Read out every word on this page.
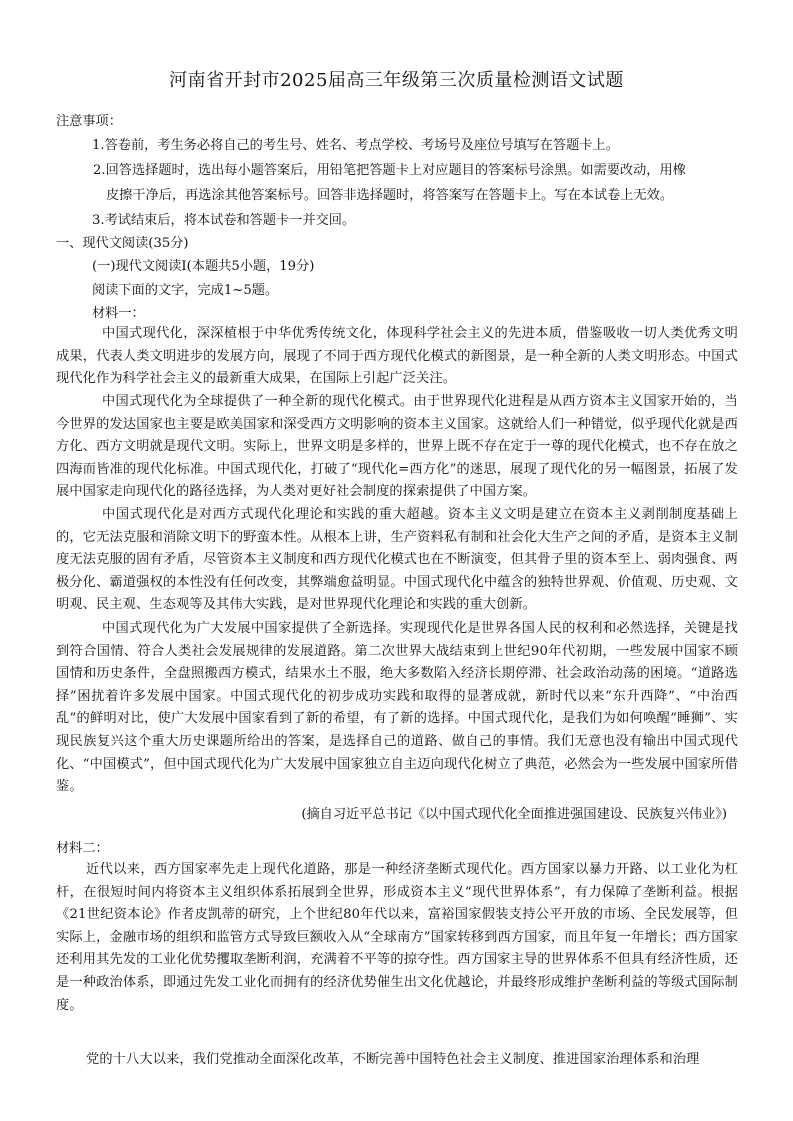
河南省开封市2025届高三年级第三次质量检测语文试题
注意事项：
1.答卷前，考生务必将自己的考生号、姓名、考点学校、考场号及座位号填写在答题卡上。
2.回答选择题时，选出每小题答案后，用铅笔把答题卡上对应题目的答案标号涂黑。如需要改动，用橡
皮擦干净后，再选涂其他答案标号。回答非选择题时，将答案写在答题卡上。写在本试卷上无效。
3.考试结束后，将本试卷和答题卡一并交回。
一、现代文阅读(35分)
(一)现代文阅读Ⅰ(本题共5小题，19分)
阅读下面的文字，完成1~5题。
材料一：
中国式现代化，深深植根于中华优秀传统文化，体现科学社会主义的先进本质，借鉴吸收一切人类优秀文明成果，代表人类文明进步的发展方向，展现了不同于西方现代化模式的新图景，是一种全新的人类文明形态。中国式现代化作为科学社会主义的最新重大成果，在国际上引起广泛关注。
中国式现代化为全球提供了一种全新的现代化模式。由于世界现代化进程是从西方资本主义国家开始的，当今世界的发达国家也主要是欧美国家和深受西方文明影响的资本主义国家。这就给人们一种错觉，似乎现代化就是西方化、西方文明就是现代文明。实际上，世界文明是多样的，世界上既不存在定于一尊的现代化模式，也不存在放之四海而皆准的现代化标准。中国式现代化，打破了“现代化=西方化”的迷思，展现了现代化的另一幅图景，拓展了发展中国家走向现代化的路径选择，为人类对更好社会制度的探索提供了中国方案。
中国式现代化是对西方式现代化理论和实践的重大超越。资本主义文明是建立在资本主义剥削制度基础上的，它无法克服和消除文明下的野蛮本性。从根本上讲，生产资料私有制和社会化大生产之间的矛盾，是资本主义制度无法克服的固有矛盾，尽管资本主义制度和西方现代化模式也在不断演变，但其骨子里的资本至上、弱肉强食、两极分化、霸道强权的本性没有任何改变，其弊端愈益明显。中国式现代化中蕴含的独特世界观、价值观、历史观、文明观、民主观、生态观等及其伟大实践，是对世界现代化理论和实践的重大创新。
中国式现代化为广大发展中国家提供了全新选择。实现现代化是世界各国人民的权利和必然选择，关键是找到符合国情、符合人类社会发展规律的发展道路。第二次世界大战结束到上世纪90年代初期，一些发展中国家不顾国情和历史条件，全盘照搬西方模式，结果水土不服，绝大多数陷入经济长期停滞、社会政治动荡的困境。“道路选择”困扰着许多发展中国家。中国式现代化的初步成功实践和取得的显著成就，新时代以来“东升西降”、“中治西乱”的鲜明对比，使广大发展中国家看到了新的希望，有了新的选择。中国式现代化，是我们为如何唤醒“睡狮”、实现民族复兴这个重大历史课题所给出的答案，是选择自己的道路、做自己的事情。我们无意也没有输出中国式现代化、“中国模式”，但中国式现代化为广大发展中国家独立自主迈向现代化树立了典范，必然会为一些发展中国家所借鉴。
(摘自习近平总书记《以中国式现代化全面推进强国建设、民族复兴伟业》)
材料二：
近代以来，西方国家率先走上现代化道路，那是一种经济垄断式现代化。西方国家以暴力开路、以工业化为杠杆，在很短时间内将资本主义组织体系拓展到全世界，形成资本主义“现代世界体系”，有力保障了垄断利益。根据《21世纪资本论》作者皮凯蒂的研究，上个世纪80年代以来，富裕国家假装支持公平开放的市场、全民发展等，但实际上，金融市场的组织和监管方式导致巨额收入从“全球南方”国家转移到西方国家，而且年复一年增长；西方国家还利用其先发的工业化优势攫取垄断利润，充满着不平等的掠夺性。西方国家主导的世界体系不但具有经济性质，还是一种政治体系，即通过先发工业化而拥有的经济优势催生出文化优越论，并最终形成维护垄断利益的等级式国际制度。
党的十八大以来，我们党推动全面深化改革，不断完善中国特色社会主义制度、推进国家治理体系和治理
